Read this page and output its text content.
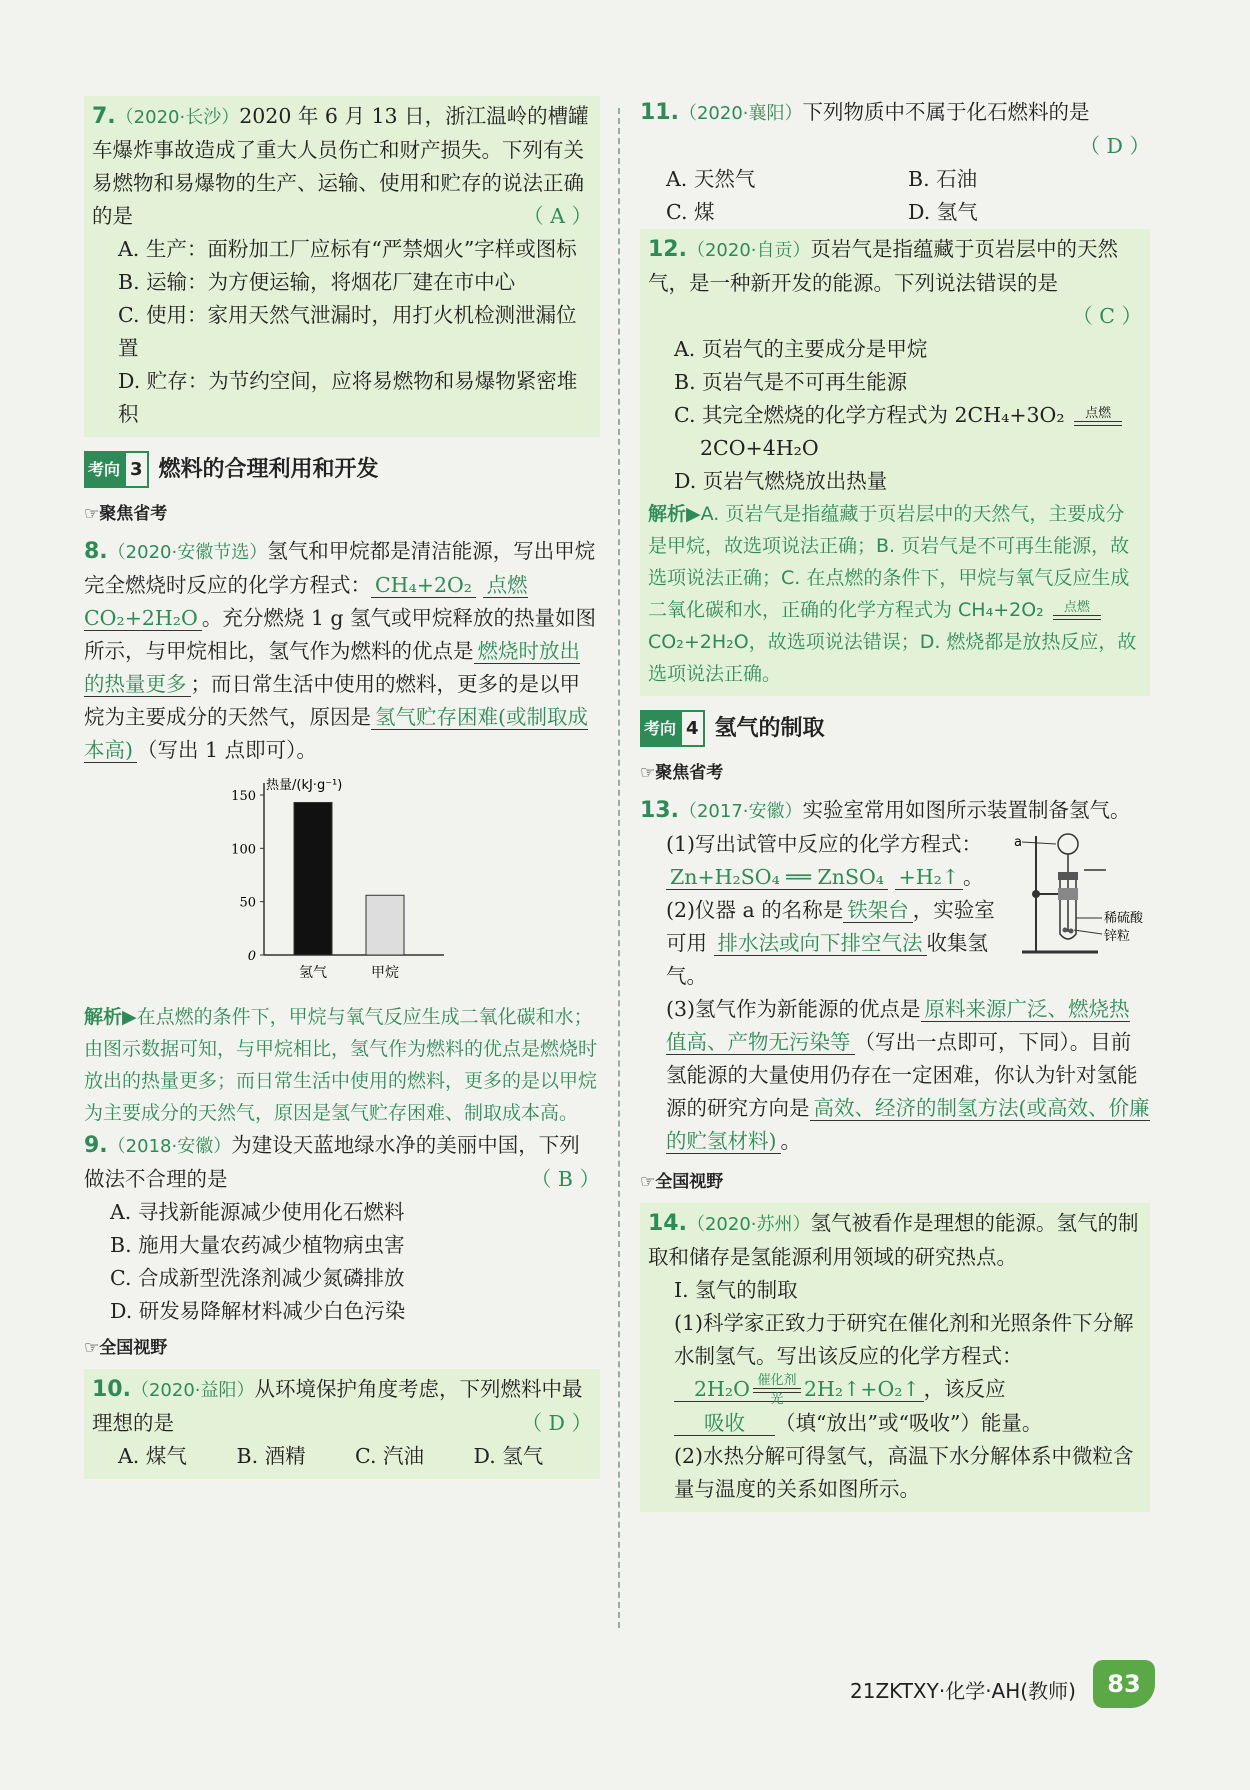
7.（2020·长沙）2020 年 6 月 13 日，浙江温岭的槽罐车爆炸事故造成了重大人员伤亡和财产损失。下列有关易燃物和易爆物的生产、运输、使用和贮存的说法正确的是	（ A ）

A. 生产：面粉加工厂应标有“严禁烟火”字样或图标
B. 运输：为方便运输，将烟花厂建在市中心
C. 使用：家用天然气泄漏时，用打火机检测泄漏位置
D. 贮存：为节约空间，应将易燃物和易爆物紧密堆积
考向 3 燃料的合理利用和开发
☞聚焦省考
8.（2020·安徽节选）氢气和甲烷都是清洁能源，写出甲烷完全燃烧时反应的化学方程式： CH₄+2O₂ 点燃 CO₂+2H₂O 。充分燃烧 1 g 氢气或甲烷释放的热量如图所示，与甲烷相比，氢气作为燃料的优点是 燃烧时放出的热量更多 ；而日常生活中使用的燃料，更多的是以甲烷为主要成分的天然气，原因是 氢气贮存困难(或制取成本高) （写出 1 点即可）。
热量/(kJ·g⁻¹)
0
50
100
150
氢气	甲烷
解析▶在点燃的条件下，甲烷与氧气反应生成二氧化碳和水；由图示数据可知，与甲烷相比，氢气作为燃料的优点是燃烧时放出的热量更多；而日常生活中使用的燃料，更多的是以甲烷为主要成分的天然气，原因是氢气贮存困难、制取成本高。

9.（2018·安徽）为建设天蓝地绿水净的美丽中国，下列做法不合理的是	（ B ）

A. 寻找新能源减少使用化石燃料
B. 施用大量农药减少植物病虫害
C. 合成新型洗涤剂减少氮磷排放
D. 研发易降解材料减少白色污染
☞全国视野

10.（2020·益阳）从环境保护角度考虑，下列燃料中最理想的是	（ D ）

A. 煤气	B. 酒精	C. 汽油	D. 氢气

11.（2020·襄阳）下列物质中不属于化石燃料的是

（ D ）
A. 天然气	B. 石油
C. 煤	D. 氢气

12.（2020·自贡）页岩气是指蕴藏于页岩层中的天然气，是一种新开发的能源。下列说法错误的是

（ C ）
A. 页岩气的主要成分是甲烷
B. 页岩气是不可再生能源
C. 其完全燃烧的化学方程式为 2CH₄+3O₂ 点燃

2CO+4H₂O
D. 页岩气燃烧放出热量
解析▶A. 页岩气是指蕴藏于页岩层中的天然气，主要成分是甲烷，故选项说法正确；B. 页岩气是不可再生能源，故选项说法正确；C. 在点燃的条件下，甲烷与氧气反应生成二氧化碳和水，正确的化学方程式为 CH₄+2O₂ 点燃
CO₂+2H₂O，故选项说法错误；D. 燃烧都是放热反应，故选项说法正确。
考向 4 氢气的制取
☞聚焦省考

13.（2017·安徽）实验室常用如图所示装置制备氢气。

a
稀硫酸
锌粒
(1)写出试管中反应的化学方程式：Zn+H₂SO₄ ══ ZnSO₄ +H₂↑ 。
(2)仪器 a 的名称是 铁架台 ，实验室可用 排水法或向下排空气法 收集氢气。
(3)氢气作为新能源的优点是 原料来源广泛、燃烧热值高、产物无污染等 （写出一点即可，下同）。目前氢能源的大量使用仍存在一定困难，你认为针对氢能源的研究方向是 高效、经济的制氢方法(或高效、价廉的贮氢材料) 。
☞全国视野

14.（2020·苏州）氢气被看作是理想的能源。氢气的制取和储存是氢能源利用领域的研究热点。

Ⅰ. 氢气的制取
(1)科学家正致力于研究在催化剂和光照条件下分解水制氢气。写出该反应的化学方程式：
2H₂O 催化剂
光 2H₂↑+O₂↑ ，该反应
吸收 （填“放出”或“吸收”）能量。
(2)水热分解可得氢气，高温下水分解体系中微粒含量与温度的关系如图所示。
21ZKTXY·化学·AH(教师)	83
